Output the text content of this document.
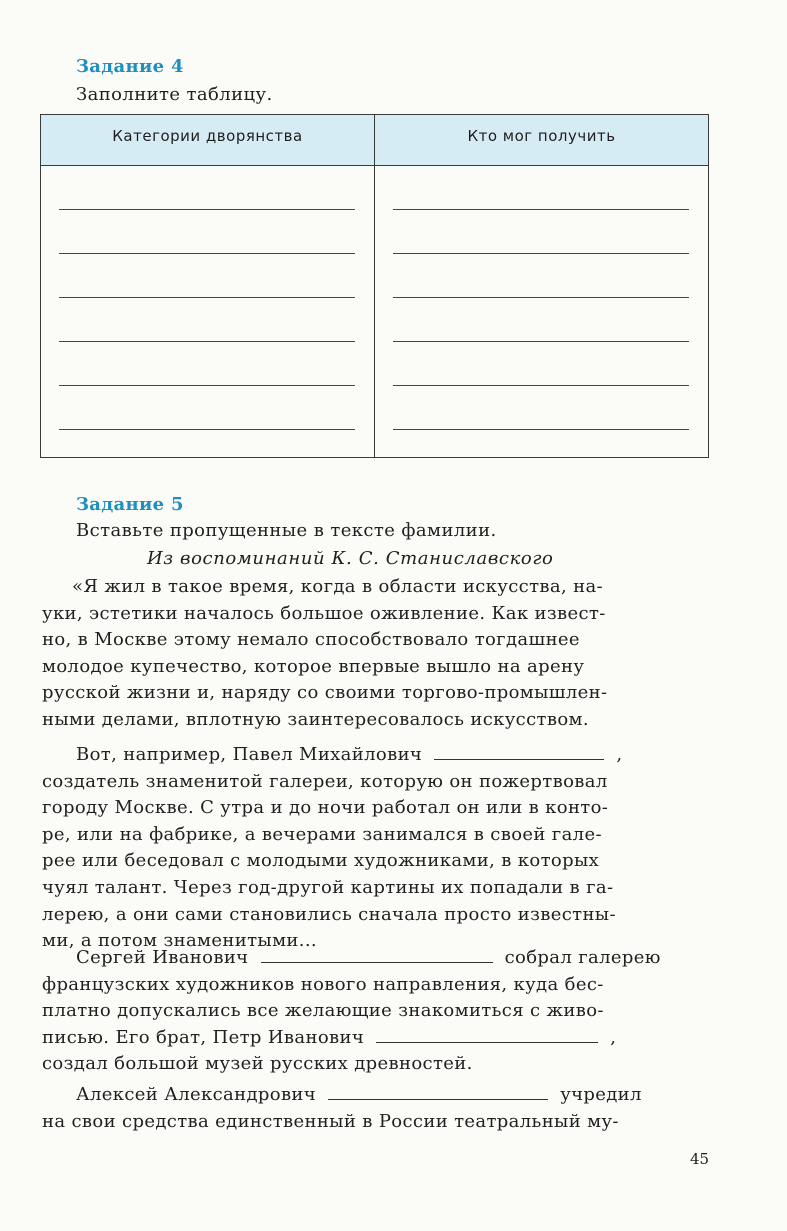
Задание 4
Заполните таблицу.
Категории дворянства	Кто мог получить
Задание 5
Вставьте пропущенные в тексте фамилии.
Из воспоминаний К. С. Станиславского
«Я жил в такое время, когда в области искусства, на-
уки, эстетики началось большое оживление. Как извест-
но, в Москве этому немало способствовало тогдашнее
молодое купечество, которое впервые вышло на арену
русской жизни и, наряду со своими торгово-промышлен-
ными делами, вплотную заинтересовалось искусством.
Вот, например, Павел Михайлович	,
создатель знаменитой галереи, которую он пожертвовал
городу Москве. С утра и до ночи работал он или в конто-
ре, или на фабрике, а вечерами занимался в своей гале-
рее или беседовал с молодыми художниками, в которых
чуял талант. Через год-другой картины их попадали в га-
лерею, а они сами становились сначала просто известны-
ми, а потом знаменитыми...
Сергей Иванович	собрал галерею
французских художников нового направления, куда бес-
платно допускались все желающие знакомиться с живо-
писью. Его брат, Петр Иванович	,
создал большой музей русских древностей.
Алексей Александрович	учредил
на свои средства единственный в России театральный му-
45
